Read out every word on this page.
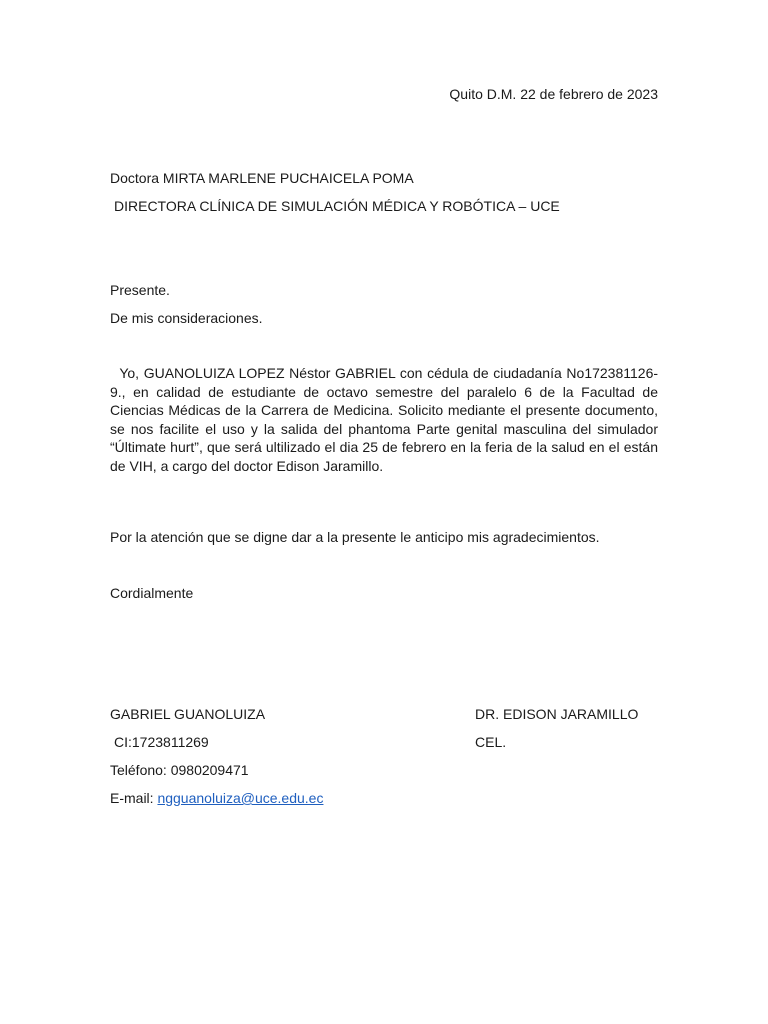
Quito D.M. 22 de febrero de 2023
Doctora MIRTA MARLENE PUCHAICELA POMA
DIRECTORA CLÍNICA DE SIMULACIÓN MÉDICA Y ROBÓTICA – UCE
Presente.
De mis consideraciones.
Yo, GUANOLUIZA LOPEZ Néstor GABRIEL con cédula de ciudadanía No172381126-9., en calidad de estudiante de octavo semestre del paralelo 6 de la Facultad de Ciencias Médicas de la Carrera de Medicina. Solicito mediante el presente documento, se nos facilite el uso y la salida del phantoma Parte genital masculina del simulador “Últimate hurt”, que será ultilizado el dia 25 de febrero en la feria de la salud en el están de VIH, a cargo del doctor Edison Jaramillo.
Por la atención que se digne dar a la presente le anticipo mis agradecimientos.
Cordialmente
GABRIEL GUANOLUIZA
CI:1723811269
Teléfono: 0980209471
E-mail: ngguanoluiza@uce.edu.ec
DR. EDISON JARAMILLO
CEL.
